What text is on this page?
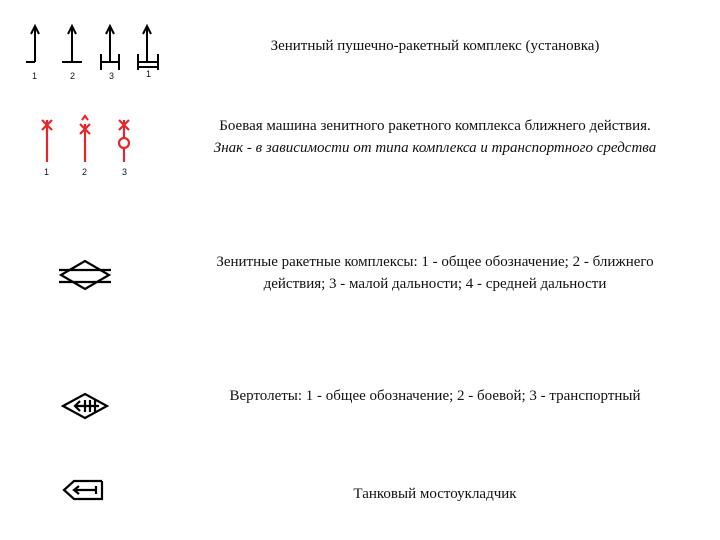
1	2	3	1
Зенитный пушечно-ракетный комплекс (установка)
1	2	3
Боевая машина зенитного ракетного комплекса ближнего действия. Знак - в зависимости от типа комплекса и транспортного средства
Зенитные ракетные комплексы: 1 - общее обозначение; 2 - ближнего действия; 3 - малой дальности; 4 - средней дальности
Вертолеты: 1 - общее обозначение; 2 - боевой; 3 - транспортный
Танковый мостоукладчик
